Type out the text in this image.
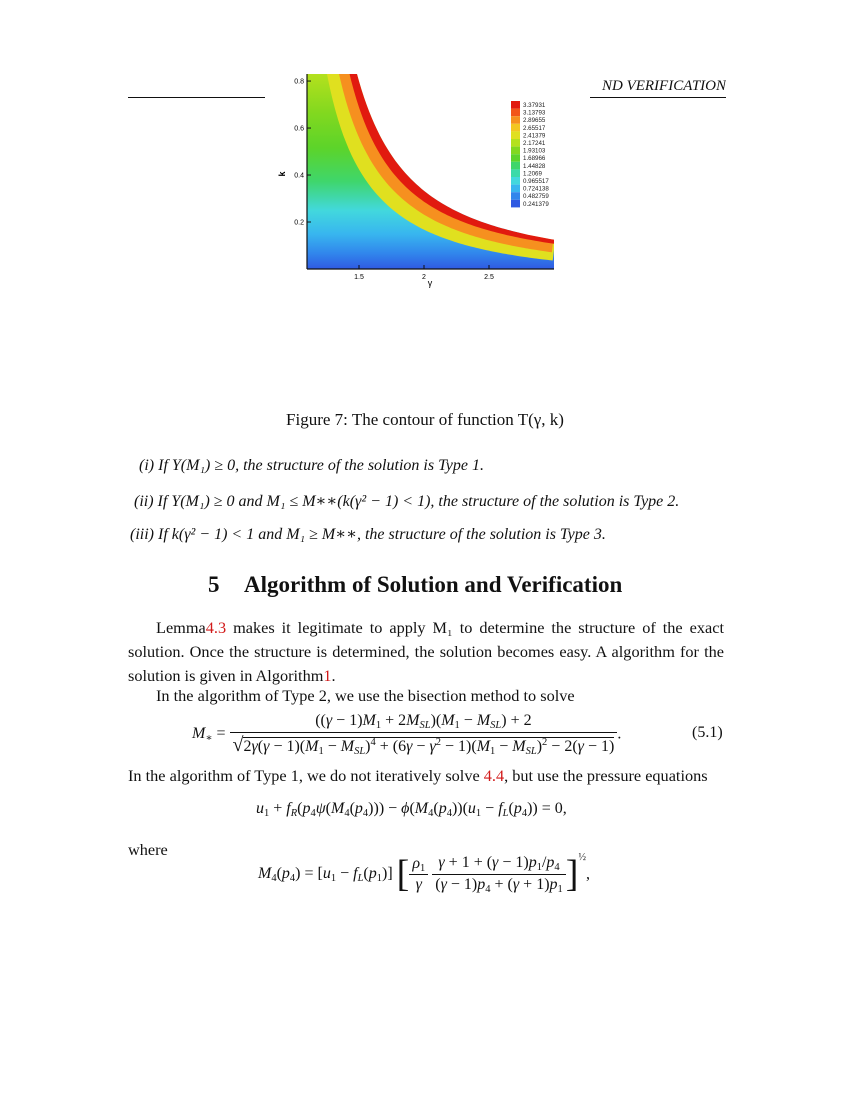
ND VERIFICATION
1.5	2	2.5
0.2
0.4
0.6
0.8
γ
k
3.37931
3.13793
2.89655
2.65517
2.41379
2.17241
1.93103
1.68966
1.44828
1.2069
0.965517
0.724138
0.482759
0.241379
Figure 7: The contour of function T(γ, k)
(i) If Y(M₁) ≥ 0, the structure of the solution is Type 1.
(ii) If Y(M₁) ≥ 0 and M₁ ≤ M∗∗(k(γ² − 1) < 1), the structure of the solution is Type 2.
(iii) If k(γ² − 1) < 1 and M₁ ≥ M∗∗, the structure of the solution is Type 3.
5 Algorithm of Solution and Verification
Lemma4.3 makes it legitimate to apply M₁ to determine the structure of the exact solution. Once the structure is determined, the solution becomes easy. A algorithm for the solution is given in Algorithm1.
In the algorithm of Type 2, we use the bisection method to solve
$M_∗ = \frac{((\gamma - 1)M_1 + 2M_{SL})(M_1 - M_{SL}) + 2}{√2\gamma(\gamma - 1)(M_1 - M_{SL})^4 + (6\gamma - \gamma^2 - 1)(M_1 - M_{SL})^2 - 2(\gamma - 1)}$ .	(5.1)
In the algorithm of Type 1, we do not iteratively solve 4.4, but use the pressure equations
$u_1 + f_R(p_4\psi(M_4(p_4))) - \phi(M_4(p_4))(u_1 - f_L(p_4)) = 0$,
where
$M_4(p_4) = [u_1 - f_L(p_1)]$ [ $\frac{\rho_1}{\gamma}$
$\frac{\gamma + 1 + (\gamma - 1)p_1/p_4}{(\gamma - 1)p_4 + (\gamma + 1)p_1} ]^{\frac{1}{2}}$,
